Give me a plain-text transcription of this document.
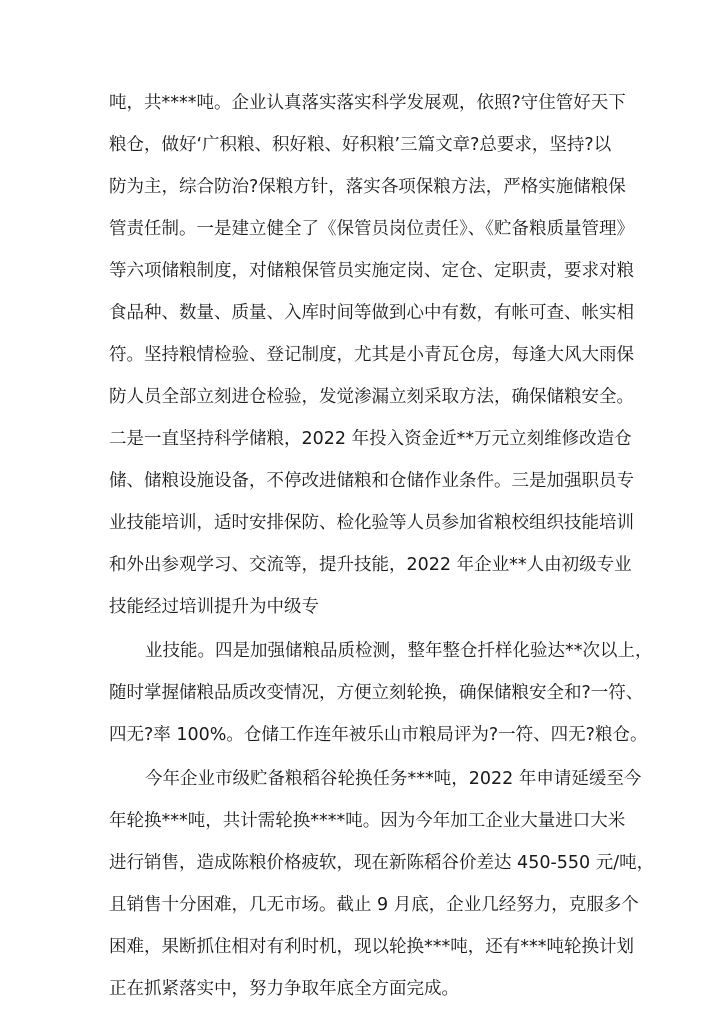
吨，共****吨。企业认真落实落实科学发展观，依照?守住管好天下

粮仓，做好‘广积粮、积好粮、好积粮’三篇文章?总要求，坚持?以

防为主，综合防治?保粮方针，落实各项保粮方法，严格实施储粮保

管责任制。一是建立健全了《保管员岗位责任》、《贮备粮质量管理》

等六项储粮制度，对储粮保管员实施定岗、定仓、定职责，要求对粮

食品种、数量、质量、入库时间等做到心中有数，有帐可查、帐实相

符。坚持粮情检验、登记制度，尤其是小青瓦仓房，每逢大风大雨保

防人员全部立刻进仓检验，发觉渗漏立刻采取方法，确保储粮安全。

二是一直坚持科学储粮，2022 年投入资金近**万元立刻维修改造仓

储、储粮设施设备，不停改进储粮和仓储作业条件。三是加强职员专

业技能培训，适时安排保防、检化验等人员参加省粮校组织技能培训

和外出参观学习、交流等，提升技能，2022 年企业**人由初级专业

技能经过培训提升为中级专

业技能。四是加强储粮品质检测，整年整仓扦样化验达**次以上，

随时掌握储粮品质改变情况，方便立刻轮换，确保储粮安全和?一符、

四无?率 100%。仓储工作连年被乐山市粮局评为?一符、四无?粮仓。

今年企业市级贮备粮稻谷轮换任务***吨，2022 年申请延缓至今

年轮换***吨，共计需轮换****吨。因为今年加工企业大量进口大米

进行销售，造成陈粮价格疲软，现在新陈稻谷价差达 450-550 元/吨，

且销售十分困难，几无市场。截止 9 月底，企业几经努力，克服多个

困难，果断抓住相对有利时机，现以轮换***吨，还有***吨轮换计划

正在抓紧落实中，努力争取年底全方面完成。
